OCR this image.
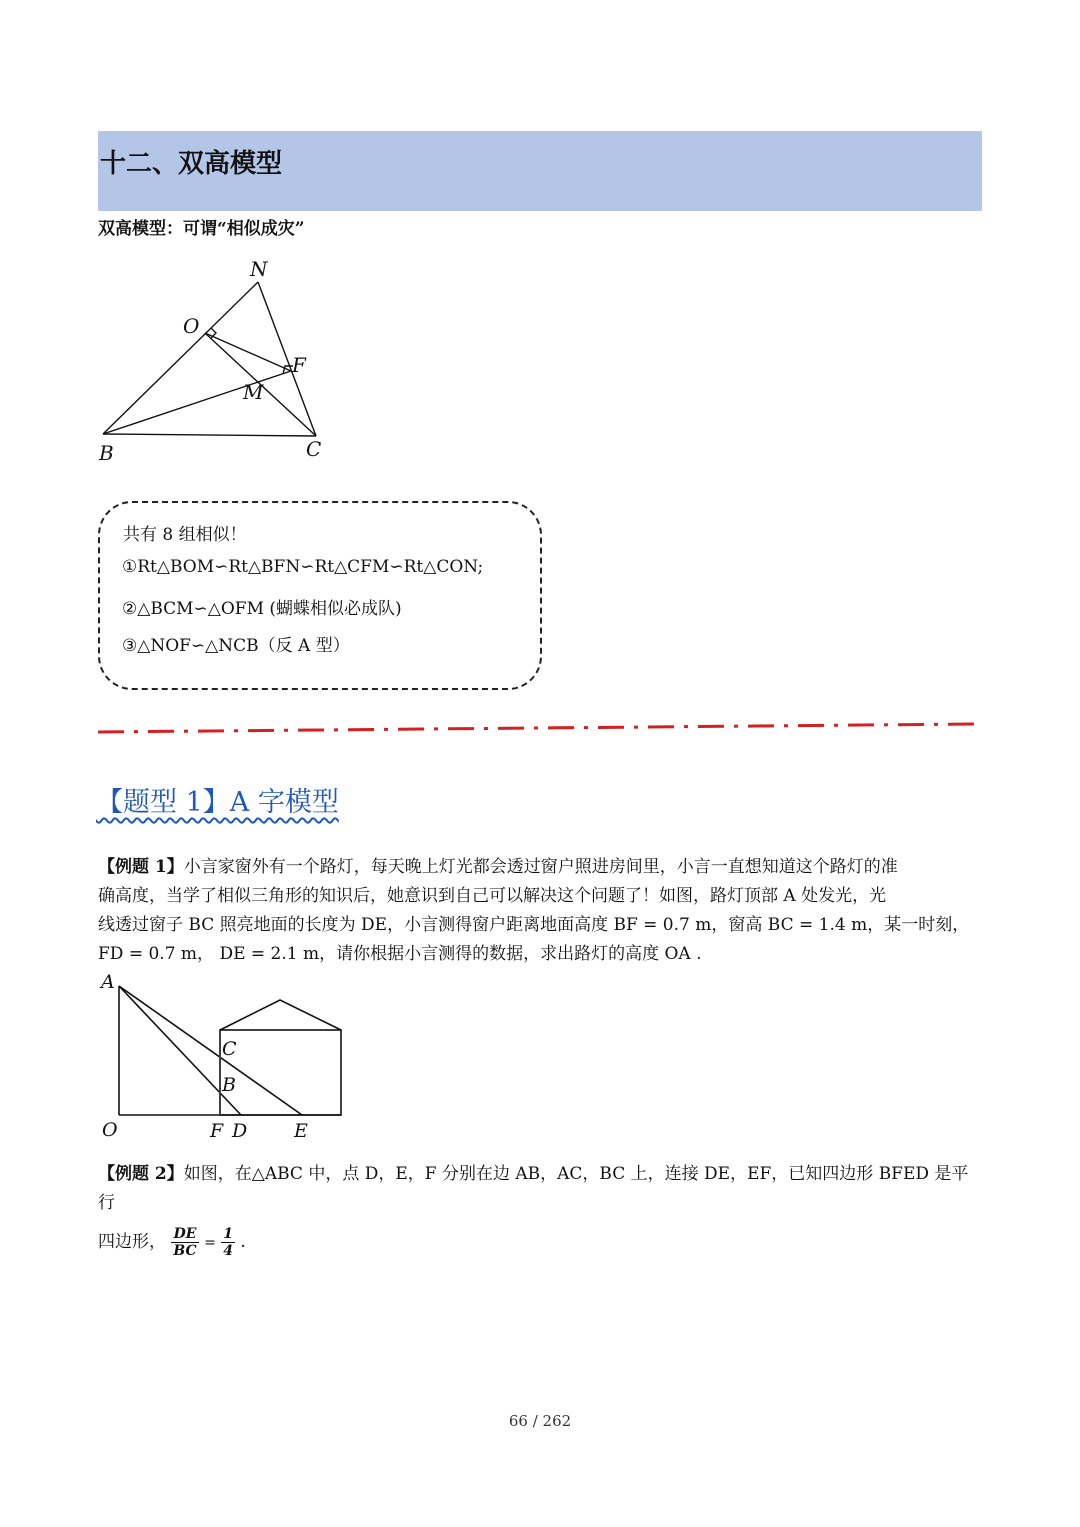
十二、双高模型
双高模型：可谓“相似成灾”
N
O
F
M
B	C
共有 8 组相似！
①Rt△BOM∽Rt△BFN∽Rt△CFM∽Rt△CON;
②△BCM∽△OFM (蝴蝶相似必成队)
③△NOF∽△NCB（反 A 型）
【题型 1】A 字模型
【例题 1】小言家窗外有一个路灯，每天晚上灯光都会透过窗户照进房间里，小言一直想知道这个路灯的准
确高度，当学了相似三角形的知识后，她意识到自己可以解决这个问题了！如图，路灯顶部 A 处发光，光
线透过窗子 BC 照亮地面的长度为 DE，小言测得窗户距离地面高度 BF = 0.7 m，窗高 BC = 1.4 m，某一时刻，
FD = 0.7 m， DE = 2.1 m，请你根据小言测得的数据，求出路灯的高度 OA .
A
C
B
O	F D E
【例题 2】如图，在△ABC 中，点 D，E，F 分别在边 AB，AC，BC 上，连接 DE，EF，已知四边形 BFED 是平行
四边形， $\frac{DE}{BC} = \frac{1}{4}$ .
66 / 262
